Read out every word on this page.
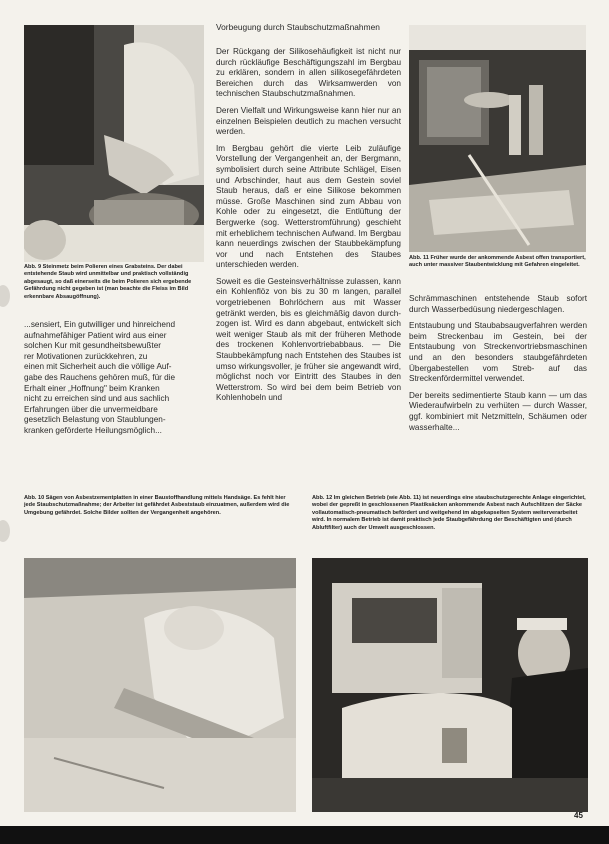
Abb. 9 Steinmetz beim Polieren eines Grabsteins. Der dabei entstehende Staub wird unmittelbar und praktisch vollständig abgesaugt, so daß einerseits die beim Polieren sich ergebende Gefährdung nicht gegeben ist (man beachte die Fleiss im Bild erkennbare Absaugöffnung).
...sensiert, Ein gutwilliger und hinreichend
aufnahmefähiger Patient wird aus einer
solchen Kur mit gesundheitsbewußter
rer Motivationen zurückkehren, zu
einen mit Sicherheit auch die völlige Auf-
gabe des Rauchens gehören muß, für die
Erhalt einer „Hoffnung" beim Kranken
nicht zu erreichen sind und aus sachlich
Erfahrungen über die unvermeidbare
gesetzlich Belastung von Staublungen-
kranken geförderte Heilungsmöglich...
Vorbeugung durch Staubschutzmaßnahmen

Der Rückgang der Silikosehäufigkeit ist nicht nur durch rückläufige Beschäftigungszahl im Bergbau zu erklären, sondern in allen silikosegefährdeten Bereichen durch das Wirksamwerden von technischen Staubschutzmaßnahmen.

Deren Vielfalt und Wirkungsweise kann hier nur an einzelnen Beispielen deutlich zu machen versucht werden.

Im Bergbau gehört die vierte Leib zuläufige Vorstellung der Vergangenheit an, der Bergmann, symbolisiert durch seine Attribute Schlägel, Eisen und Arbschinder, haut aus dem Gestein soviel Staub heraus, daß er eine Silikose bekommen müsse. Große Maschinen sind zum Abbau von Kohle oder zu eingesetzt, die Entlüftung der Bergwerke (sog. Wetterstromführung) geschieht mit erheblichem technischen Aufwand. Im Bergbau kann neuerdings zwischen der Staubbekämpfung vor und nach Entstehen des Staubes unterschieden werden.

Soweit es die Gesteinsverhältnisse zulassen, kann ein Kohlenflöz von bis zu 30 m langen, parallel vorgetriebenen Bohrlöchern aus mit Wasser getränkt werden, bis es gleichmäßig davon durchzogen ist. Wird es dann abgebaut, entwickelt sich weit weniger Staub als mit der früheren Methode des trockenen Kohlenvortriebabbaus. — Die Staubbekämpfung nach Entstehen des Staubes ist umso wirkungsvoller, je früher sie angewandt wird, möglichst noch vor Eintritt des Staubes in den Wetterstrom. So wird bei dem beim Betrieb von Kohlenhobeln und

Abb. 11 Früher wurde der ankommende Asbest offen transportiert, auch unter massiver Staubentwicklung mit Gefahren eingeleitet.

Schrämmaschinen entstehende Staub sofort durch Wasserbedüsung niedergeschlagen.

Entstaubung und Staubabsaugverfahren werden beim Streckenbau im Gestein, bei der Entstaubung von Streckenvortriebsmaschinen und an den besonders staubgefährdeten Übergabestellen vom Streb- auf das Streckenfördermittel verwendet.

Der bereits sedimentierte Staub kann — um das Wiederaufwirbeln zu verhüten — durch Wasser, ggf. kombiniert mit Netzmitteln, Schäumen oder wasserhalte...

Abb. 10 Sägen von Asbestzementplatten in einer Baustoffhandlung mittels Handsäge. Es fehlt hier jede Staubschutzmaßnahme; der Arbeiter ist gefährdet Asbeststaub einzuatmen, außerdem wird die Umgebung gefährdet. Solche Bilder sollten der Vergangenheit angehören.
Abb. 12 Im gleichen Betrieb (wie Abb. 11) ist neuerdings eine staubschutzgerechte Anlage eingerichtet, wobei der gepreßt in geschlossenen Plastiksäcken ankommende Asbest nach Aufschlitzen der Säcke vollautomatisch-pneumatisch befördert und weitgehend im abgekapselten System weiterverarbeitet wird. In normalem Betrieb ist damit praktisch jede Staubgefährdung der Beschäftigten und (durch Abluftfilter) auch der Umwelt ausgeschlossen.
45
